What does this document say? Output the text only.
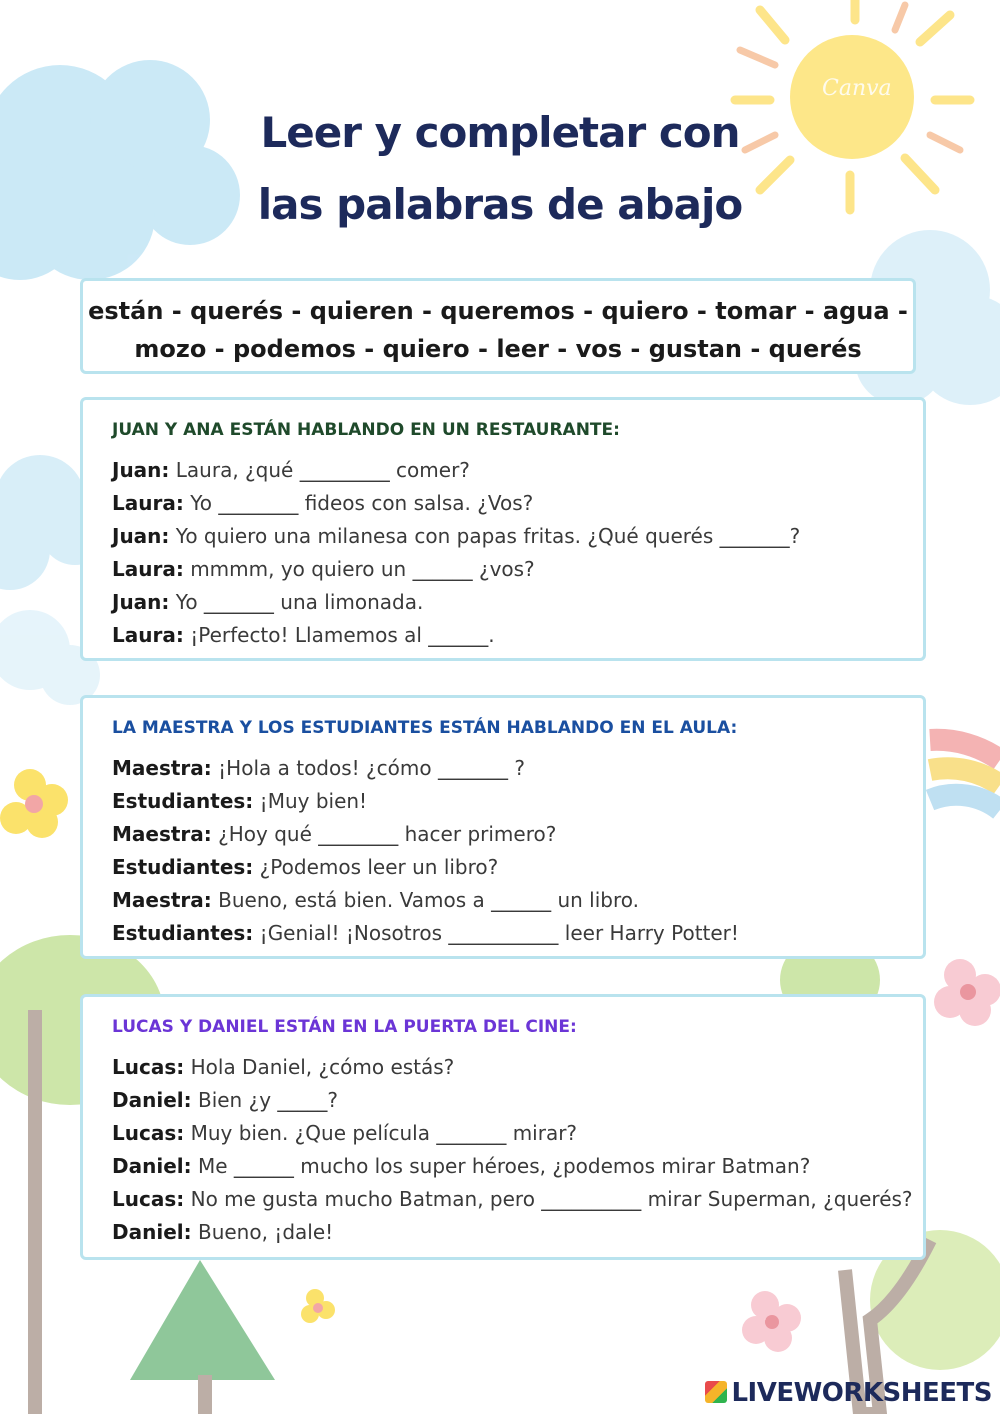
Canva
Leer y completar con
las palabras de abajo
están - querés - quieren - queremos - quiero - tomar - agua -
mozo - podemos - quiero - leer - vos - gustan - querés
JUAN Y ANA ESTÁN HABLANDO EN UN RESTAURANTE:
Juan: Laura, ¿qué _________ comer?
Laura: Yo ________ fideos con salsa. ¿Vos?
Juan: Yo quiero una milanesa con papas fritas. ¿Qué querés _______?
Laura: mmmm, yo quiero un ______ ¿vos?
Juan: Yo _______ una limonada.
Laura: ¡Perfecto! Llamemos al ______.
LA MAESTRA Y LOS ESTUDIANTES ESTÁN HABLANDO EN EL AULA:
Maestra: ¡Hola a todos! ¿cómo _______ ?
Estudiantes: ¡Muy bien!
Maestra: ¿Hoy qué ________ hacer primero?
Estudiantes: ¿Podemos leer un libro?
Maestra: Bueno, está bien. Vamos a ______ un libro.
Estudiantes: ¡Genial! ¡Nosotros ___________ leer Harry Potter!
LUCAS Y DANIEL ESTÁN EN LA PUERTA DEL CINE:
Lucas: Hola Daniel, ¿cómo estás?
Daniel: Bien ¿y _____?
Lucas: Muy bien. ¿Que película _______ mirar?
Daniel: Me ______ mucho los super héroes, ¿podemos mirar Batman?
Lucas: No me gusta mucho Batman, pero __________ mirar Superman, ¿querés?
Daniel: Bueno, ¡dale!
LIVEWORKSHEETS
